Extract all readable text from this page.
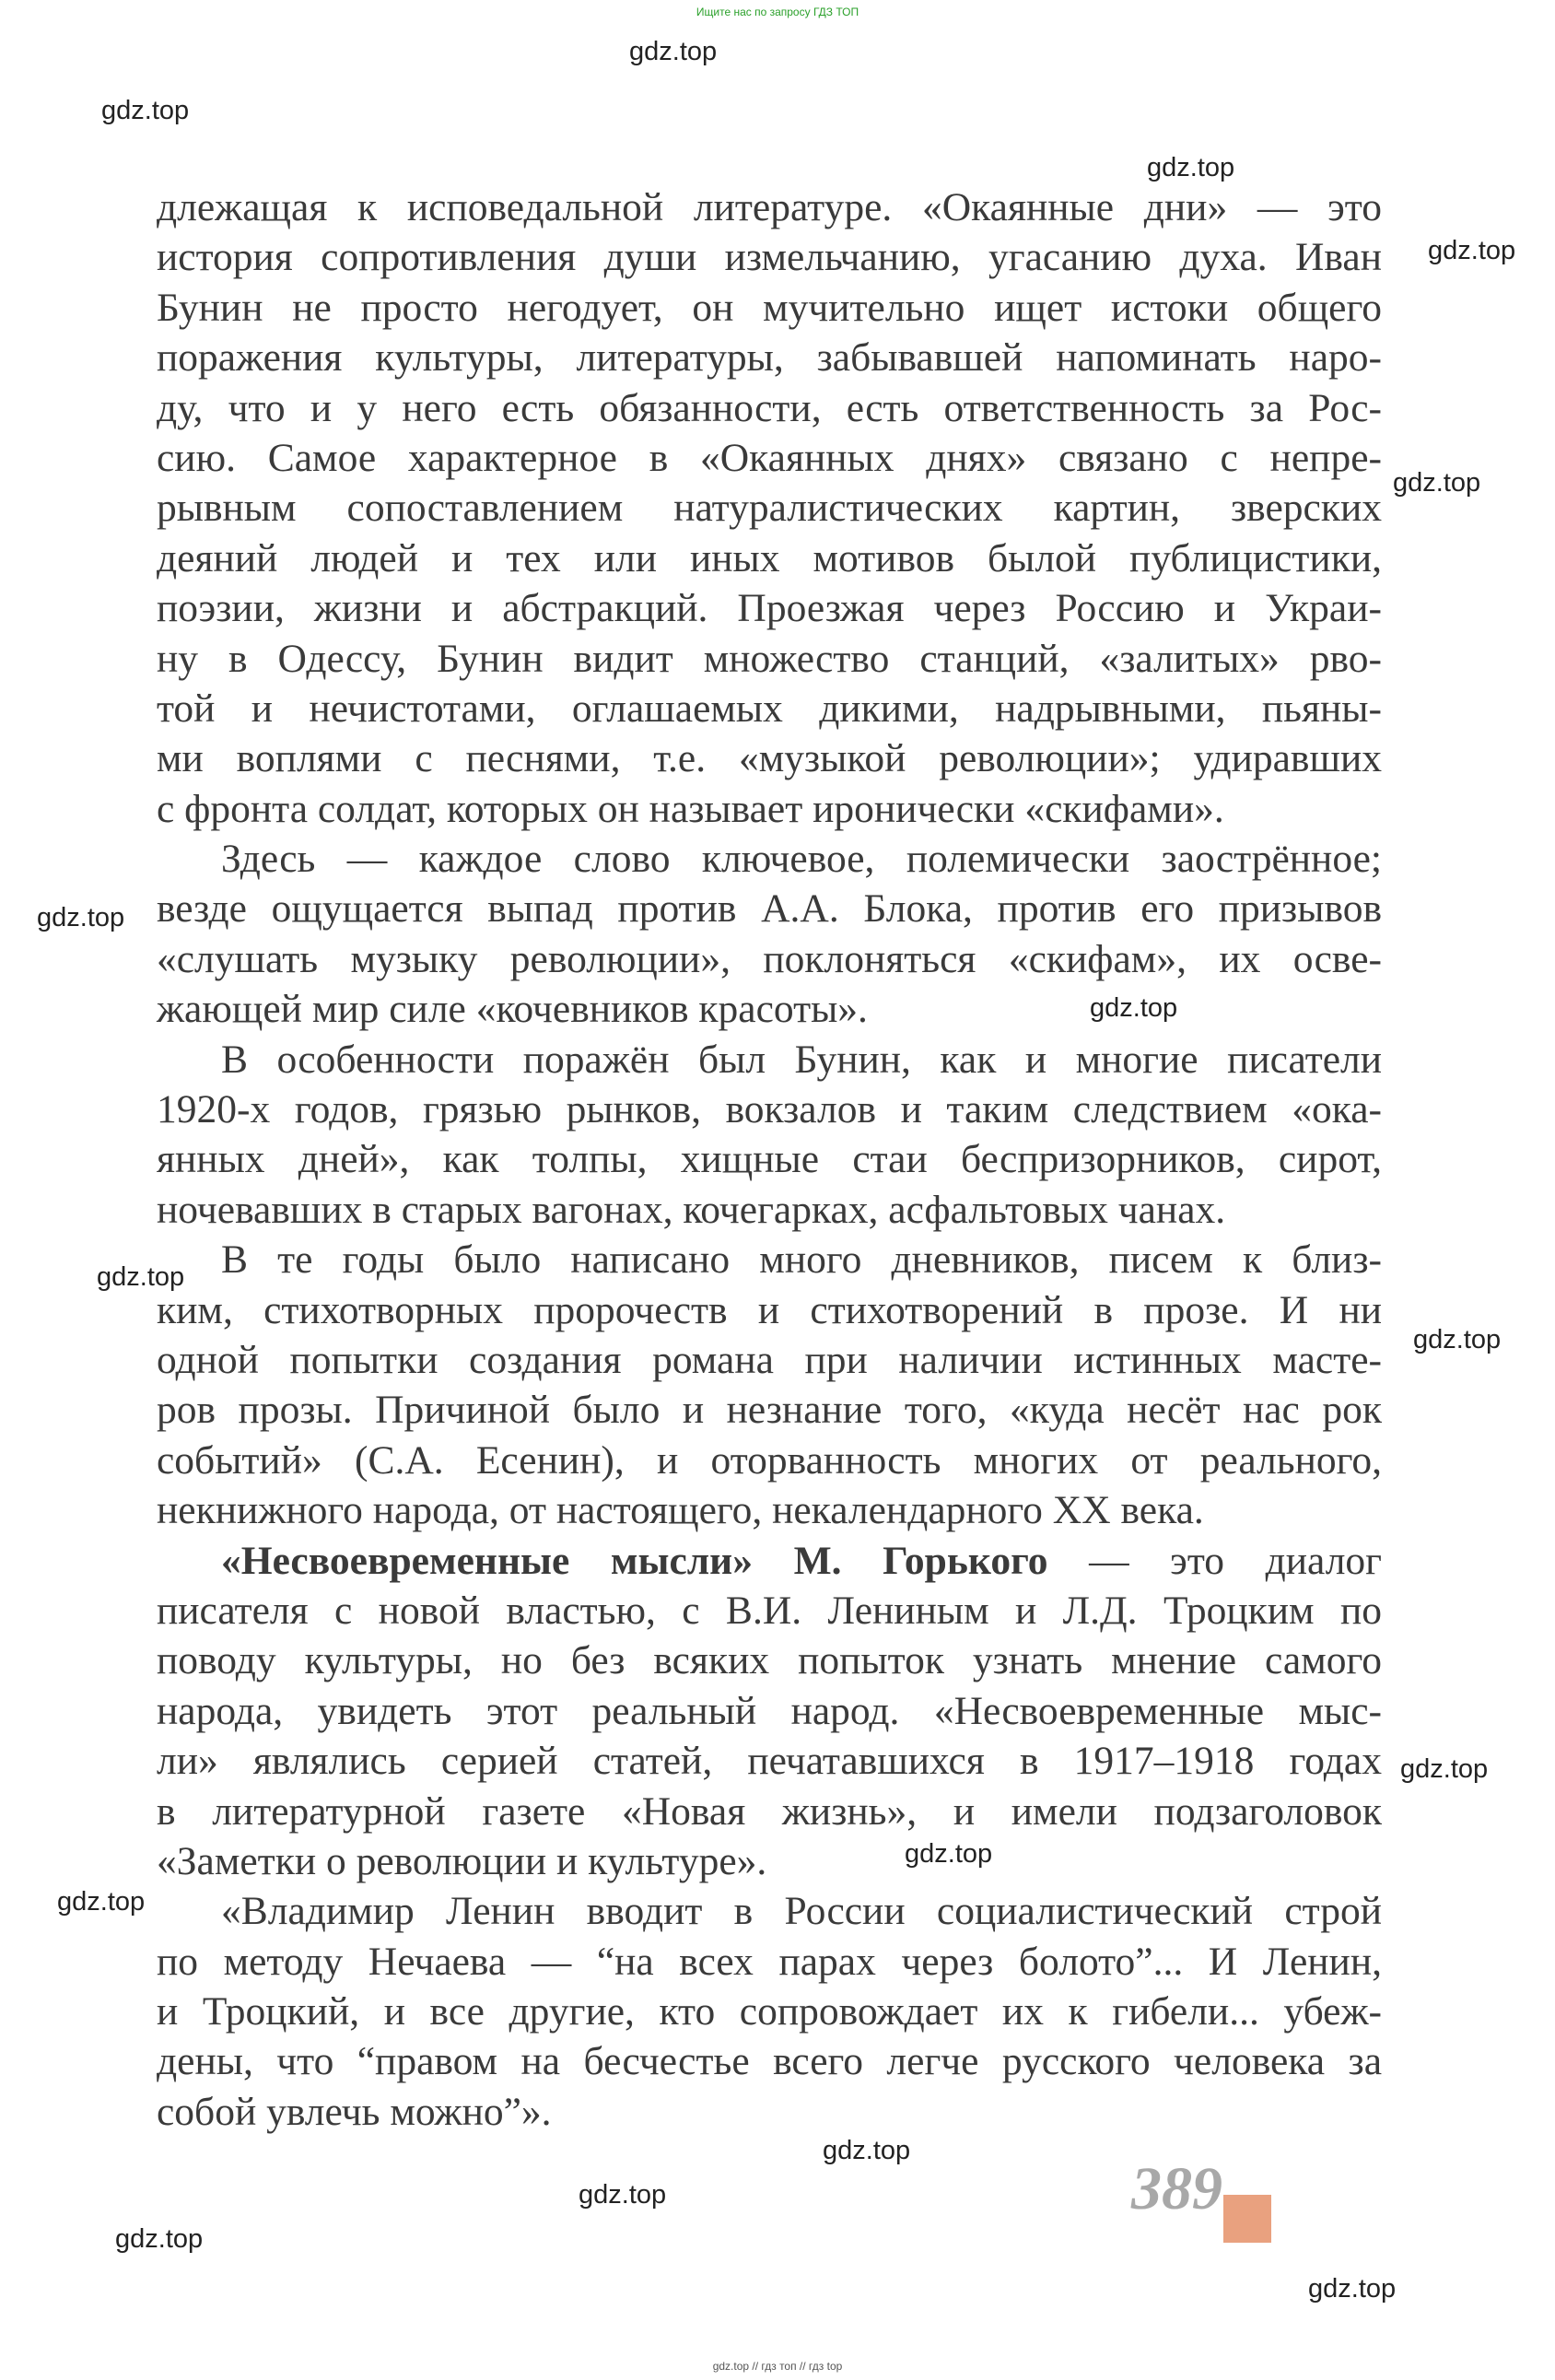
Ищите нас по запросу ГДЗ ТОП
gdz.top
gdz.top
gdz.top
gdz.top
gdz.top
gdz.top
gdz.top
gdz.top
gdz.top
gdz.top
gdz.top
gdz.top
gdz.top
gdz.top
gdz.top
gdz.top
длежащая к исповедальной литературе. «Окаянные дни» — это
история сопротивления души измельчанию, угасанию духа. Иван
Бунин не просто негодует, он мучительно ищет истоки общего
поражения культуры, литературы, забывавшей напоминать наро-
ду, что и у него есть обязанности, есть ответственность за Рос-
сию. Самое характерное в «Окаянных днях» связано с непре-
рывным сопоставлением натуралистических картин, зверских
деяний людей и тех или иных мотивов былой публицистики,
поэзии, жизни и абстракций. Проезжая через Россию и Украи-
ну в Одессу, Бунин видит множество станций, «залитых» рво-
той и нечистотами, оглашаемых дикими, надрывными, пьяны-
ми воплями с песнями, т.е. «музыкой революции»; удиравших
с фронта солдат, которых он называет иронически «скифами».
Здесь — каждое слово ключевое, полемически заострённое;
везде ощущается выпад против А.А. Блока, против его призывов
«слушать музыку революции», поклоняться «скифам», их осве-
жающей мир силе «кочевников красоты».
В особенности поражён был Бунин, как и многие писатели
1920-х годов, грязью рынков, вокзалов и таким следствием «ока-
янных дней», как толпы, хищные стаи беспризорников, сирот,
ночевавших в старых вагонах, кочегарках, асфальтовых чанах.
В те годы было написано много дневников, писем к близ-
ким, стихотворных пророчеств и стихотворений в прозе. И ни
одной попытки создания романа при наличии истинных масте-
ров прозы. Причиной было и незнание того, «куда несёт нас рок
событий» (С.А. Есенин), и оторванность многих от реального,
некнижного народа, от настоящего, некалендарного XX века.
«Несвоевременные мысли» М. Горького — это диалог
писателя с новой властью, с В.И. Лениным и Л.Д. Троцким по
поводу культуры, но без всяких попыток узнать мнение самого
народа, увидеть этот реальный народ. «Несвоевременные мыс-
ли» являлись серией статей, печатавшихся в 1917–1918 годах
в литературной газете «Новая жизнь», и имели подзаголовок
«Заметки о революции и культуре».
«Владимир Ленин вводит в России социалистический строй
по методу Нечаева — “на всех парах через болото”... И Ленин,
и Троцкий, и все другие, кто сопровождает их к гибели... убеж-
дены, что “правом на бесчестье всего легче русского человека за
собой увлечь можно”».
389
gdz.top // гдз топ // гдз top
